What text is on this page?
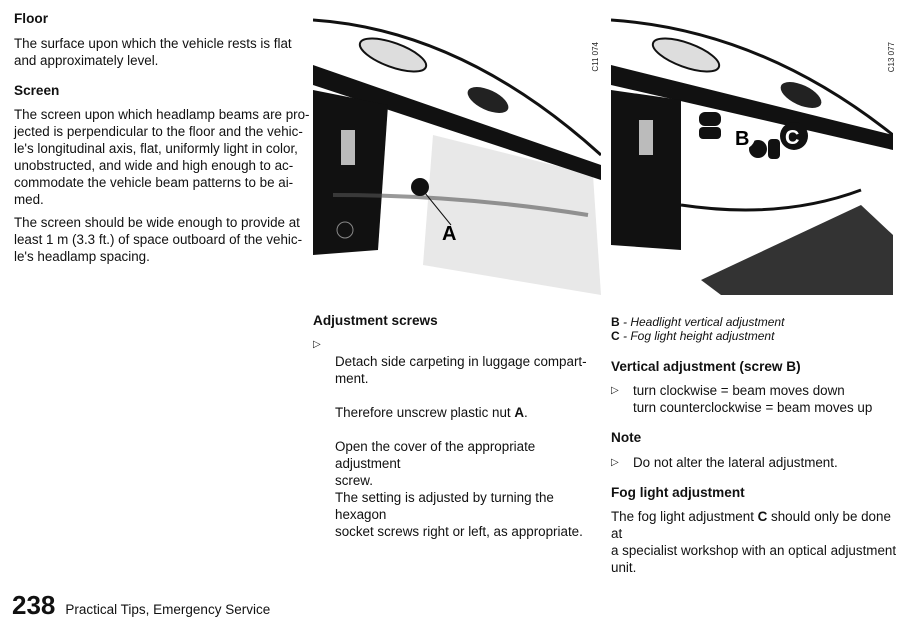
Floor

The surface upon which the vehicle rests is flat
and approximately level.

Screen

The screen upon which headlamp beams are pro-
jected is perpendicular to the floor and the vehic-
le's longitudinal axis, flat, uniformly light in color,
unobstructed, and wide and high enough to ac-
commodate the vehicle beam patterns to be ai-
med.

The screen should be wide enough to provide at
least 1 m (3.3 ft.) of space outboard of the vehic-
le's headlamp spacing.

A
C11 074
B C
C13 077
Adjustment screws
▷

Detach side carpeting in luggage compart-
ment.

Therefore unscrew plastic nut A.

Open the cover of the appropriate adjustment
screw.
The setting is adjusted by turning the hexagon
socket screws right or left, as appropriate.

B - Headlight vertical adjustment
C - Fog light height adjustment
Vertical adjustment (screw B)
▷	turn clockwise = beam moves down
turn counterclockwise = beam moves up

Note
▷	Do not alter the lateral adjustment.

Fog light adjustment

The fog light adjustment C should only be done at
a specialist workshop with an optical adjustment
unit.

238 Practical Tips, Emergency Service
